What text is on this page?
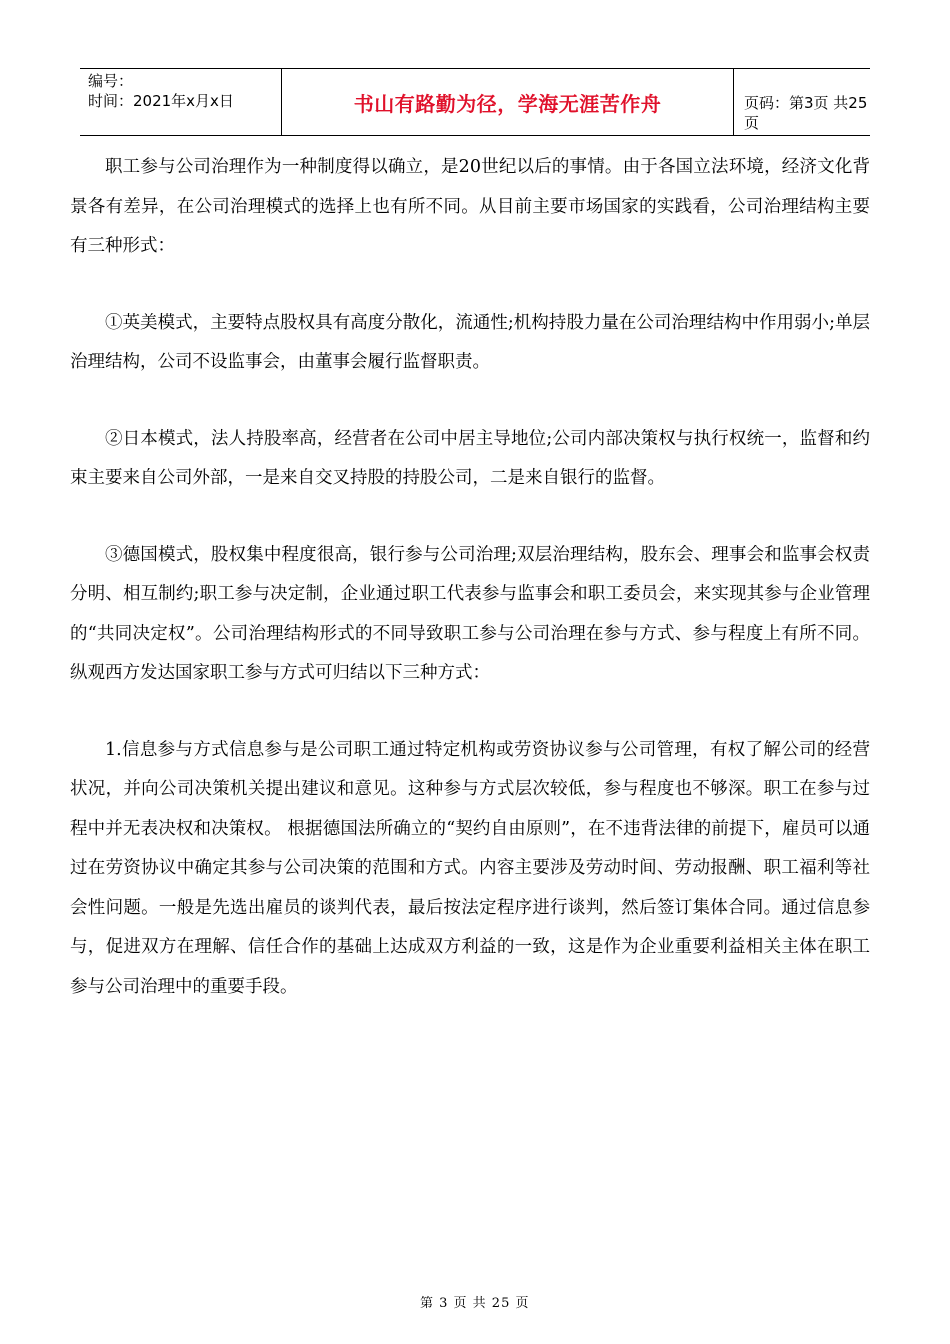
编号：
时间：2021年x月x日	书山有路勤为径，学海无涯苦作舟	页码：第3页 共25页

职工参与公司治理作为一种制度得以确立，是20世纪以后的事情。由于各国立法环境，经济文化背景各有差异，在公司治理模式的选择上也有所不同。从目前主要市场国家的实践看，公司治理结构主要有三种形式：

①英美模式，主要特点股权具有高度分散化，流通性;机构持股力量在公司治理结构中作用弱小;单层治理结构，公司不设监事会，由董事会履行监督职责。

②日本模式，法人持股率高，经营者在公司中居主导地位;公司内部决策权与执行权统一，监督和约束主要来自公司外部，一是来自交叉持股的持股公司，二是来自银行的监督。

③德国模式，股权集中程度很高，银行参与公司治理;双层治理结构，股东会、理事会和监事会权责分明、相互制约;职工参与决定制，企业通过职工代表参与监事会和职工委员会，来实现其参与企业管理的“共同决定权”。公司治理结构形式的不同导致职工参与公司治理在参与方式、参与程度上有所不同。纵观西方发达国家职工参与方式可归结以下三种方式：

1.信息参与方式信息参与是公司职工通过特定机构或劳资协议参与公司管理，有权了解公司的经营状况，并向公司决策机关提出建议和意见。这种参与方式层次较低，参与程度也不够深。职工在参与过程中并无表决权和决策权。 根据德国法所确立的“契约自由原则”，在不违背法律的前提下，雇员可以通过在劳资协议中确定其参与公司决策的范围和方式。内容主要涉及劳动时间、劳动报酬、职工福利等社会性问题。一般是先选出雇员的谈判代表，最后按法定程序进行谈判，然后签订集体合同。通过信息参与，促进双方在理解、信任合作的基础上达成双方利益的一致，这是作为企业重要利益相关主体在职工参与公司治理中的重要手段。

第 3 页 共 25 页
